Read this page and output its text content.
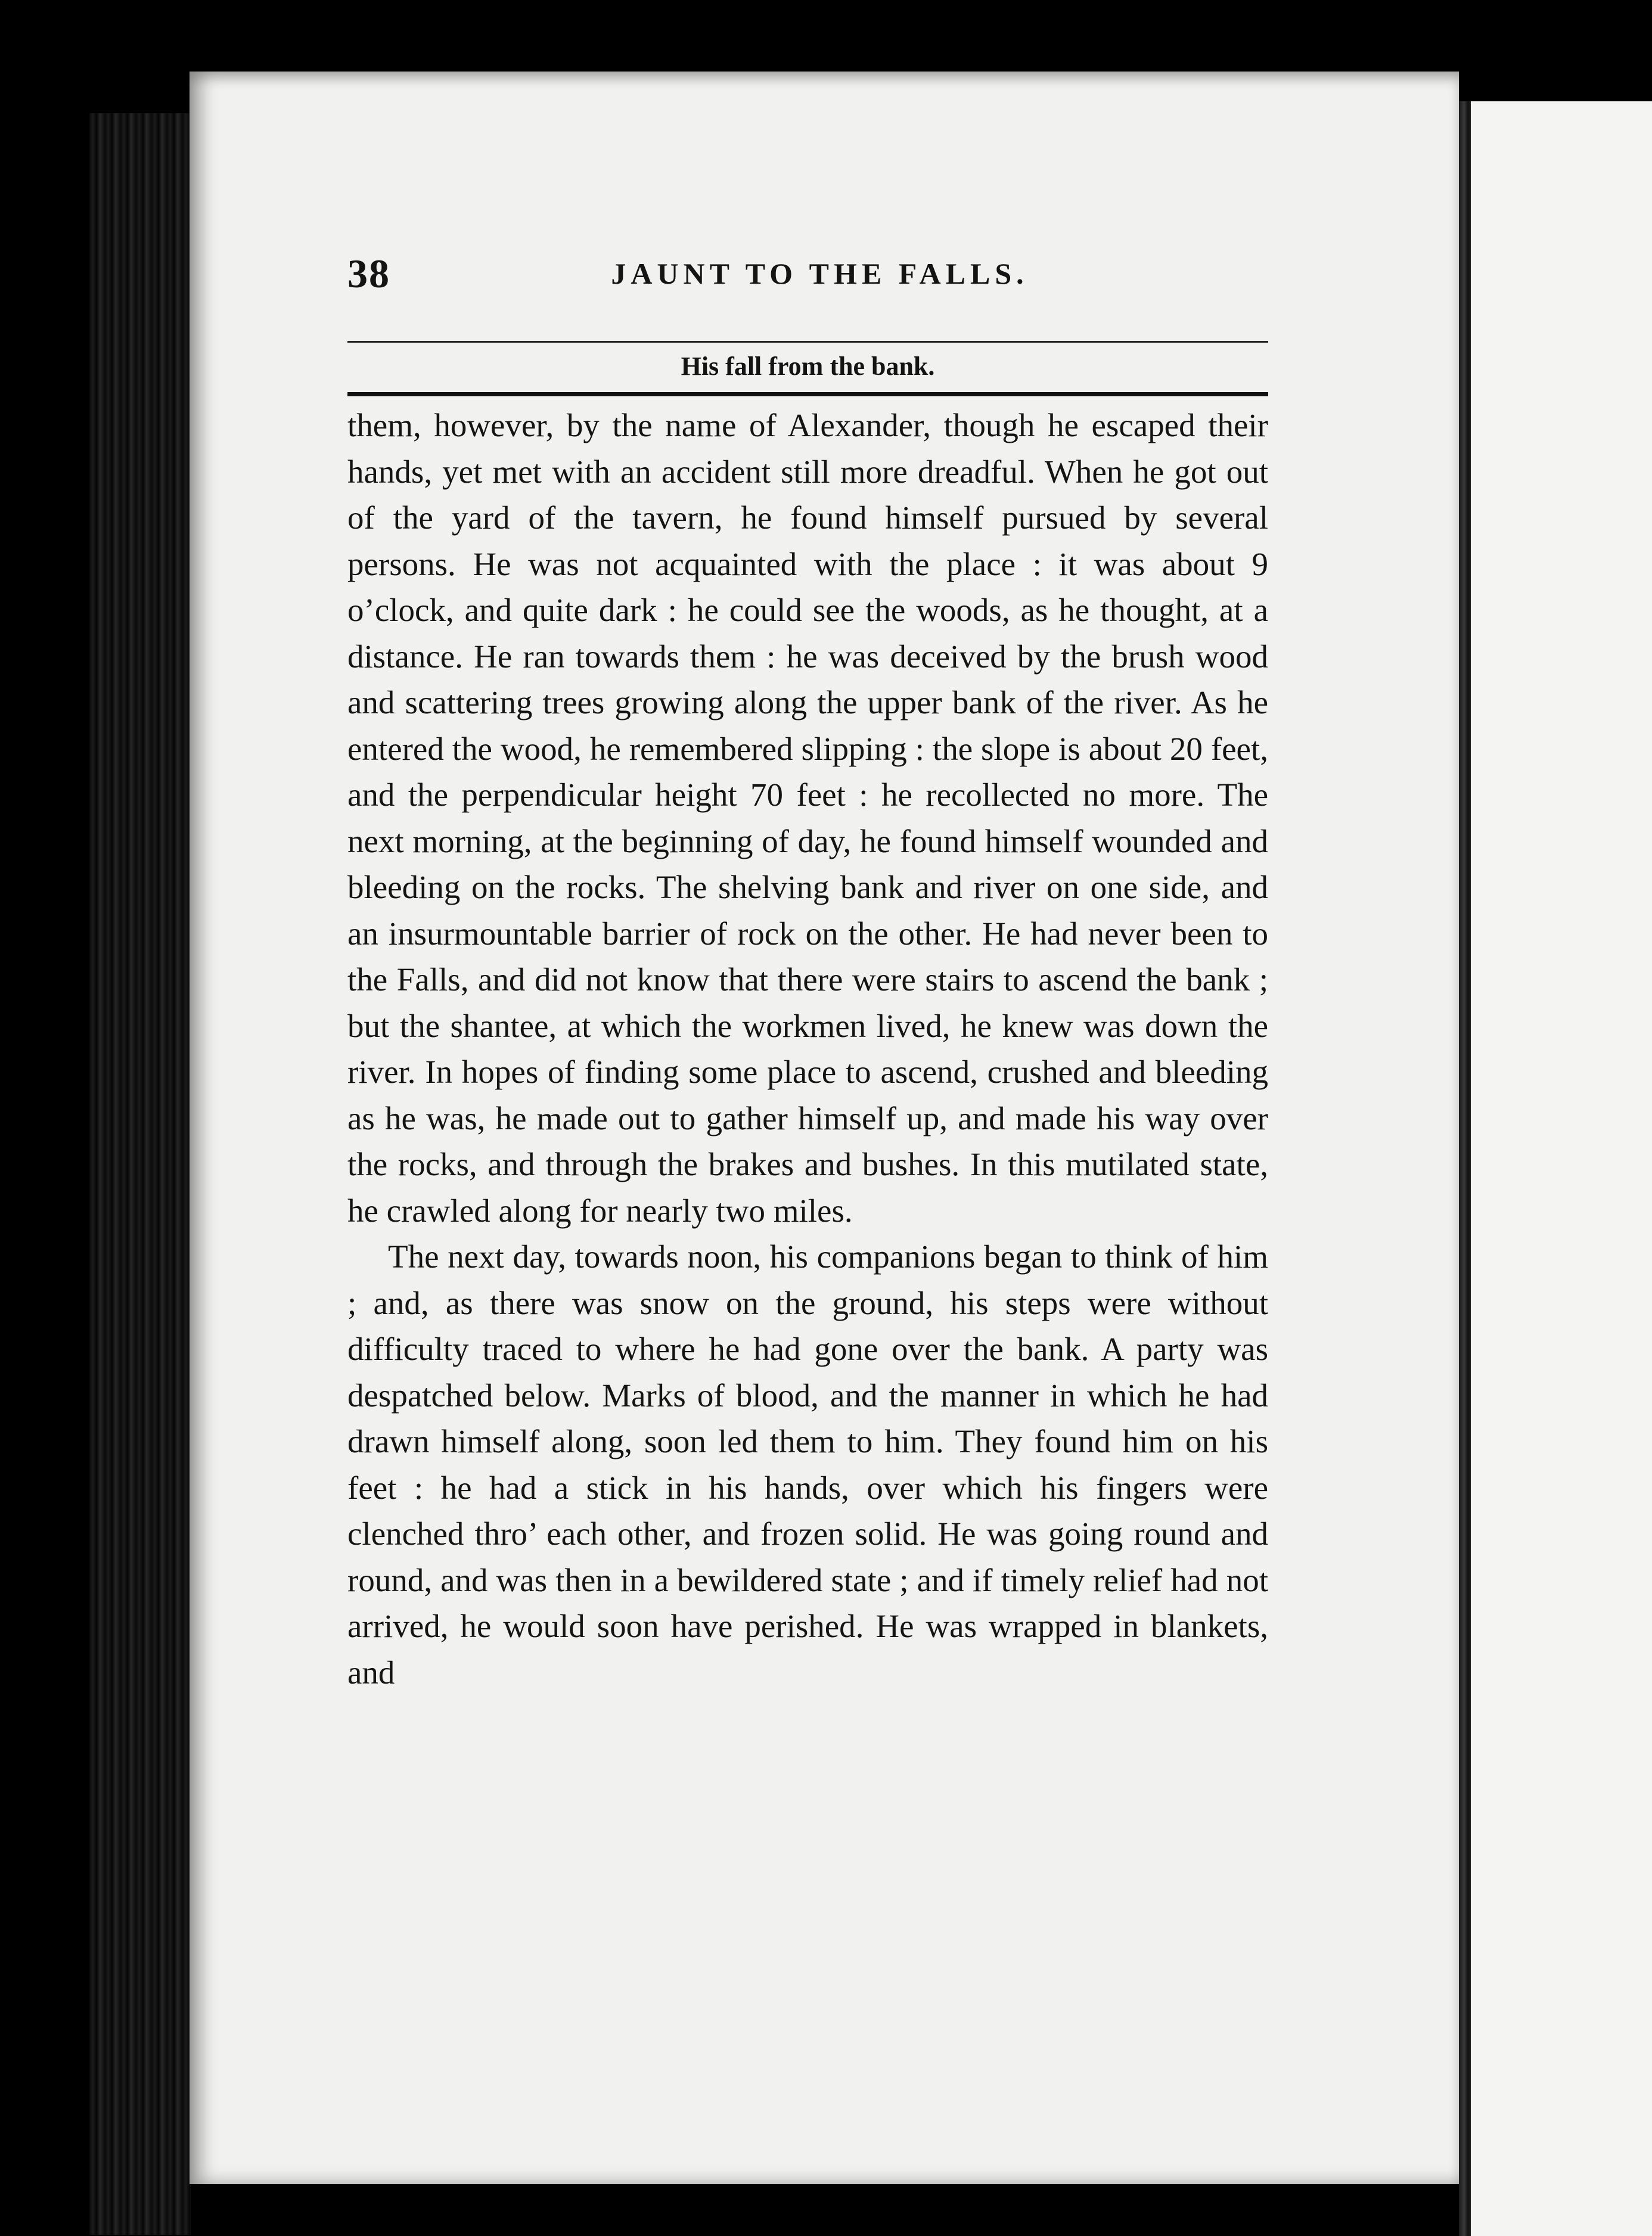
38	JAUNT TO THE FALLS.
His fall from the bank.

them, however, by the name of Alexander, though he escaped their hands, yet met with an accident still more dreadful. When he got out of the yard of the tavern, he found himself pursued by several persons. He was not acquainted with the place : it was about 9 o’clock, and quite dark : he could see the woods, as he thought, at a distance. He ran towards them : he was deceived by the brush wood and scattering trees growing along the upper bank of the river. As he entered the wood, he remembered slipping : the slope is about 20 feet, and the perpendicular height 70 feet : he recollected no more. The next morning, at the beginning of day, he found himself wounded and bleeding on the rocks. The shelving bank and river on one side, and an insurmountable barrier of rock on the other. He had never been to the Falls, and did not know that there were stairs to ascend the bank ; but the shantee, at which the workmen lived, he knew was down the river. In hopes of finding some place to ascend, crushed and bleeding as he was, he made out to gather himself up, and made his way over the rocks, and through the brakes and bushes. In this mutilated state, he crawled along for nearly two miles.

The next day, towards noon, his companions began to think of him ; and, as there was snow on the ground, his steps were without difficulty traced to where he had gone over the bank. A party was despatched below. Marks of blood, and the manner in which he had drawn himself along, soon led them to him. They found him on his feet : he had a stick in his hands, over which his fingers were clenched thro’ each other, and frozen solid. He was going round and round, and was then in a bewildered state ; and if timely relief had not arrived, he would soon have perished. He was wrapped in blankets, and
